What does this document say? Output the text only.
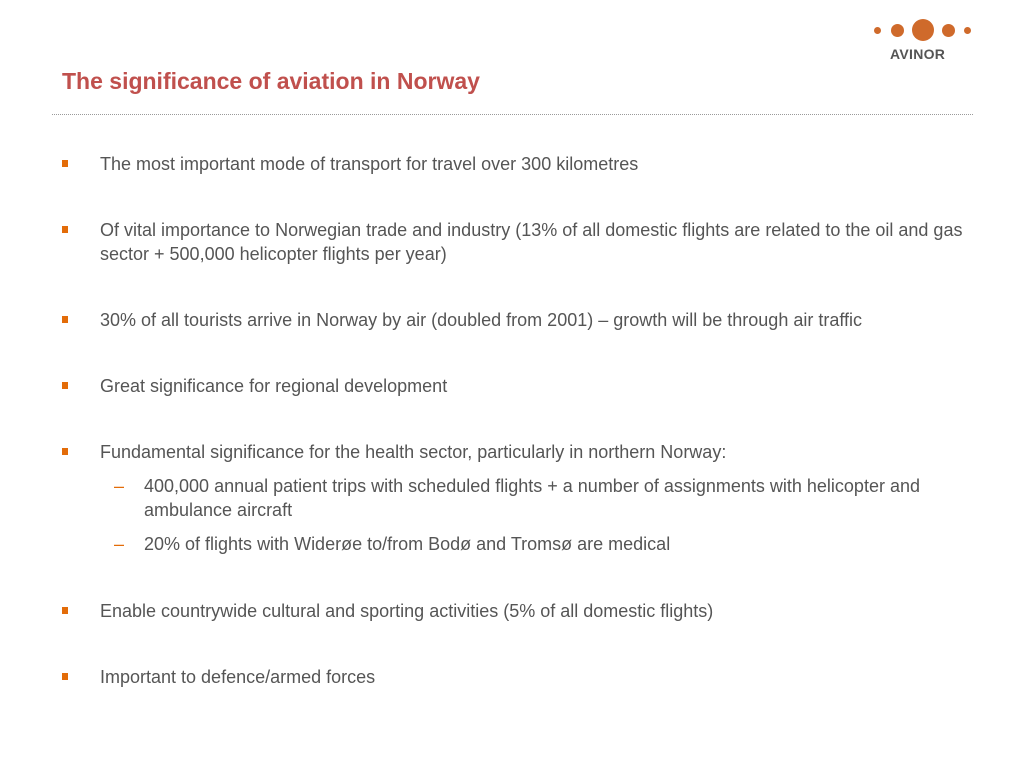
AVINOR
The significance of aviation in Norway
The most important mode of transport for travel over 300 kilometres
Of vital importance to Norwegian trade and industry (13% of all domestic flights are related to the oil and gas sector + 500,000 helicopter flights per year)
30% of all tourists arrive in Norway by air (doubled from 2001) – growth will be through air traffic
Great significance for regional development
Fundamental significance for the health sector, particularly in northern Norway:
– 400,000 annual patient trips with scheduled flights + a number of assignments with helicopter and ambulance aircraft
– 20% of flights with Widerøe to/from Bodø and Tromsø are medical
Enable countrywide cultural and sporting activities (5% of all domestic flights)
Important to defence/armed forces
